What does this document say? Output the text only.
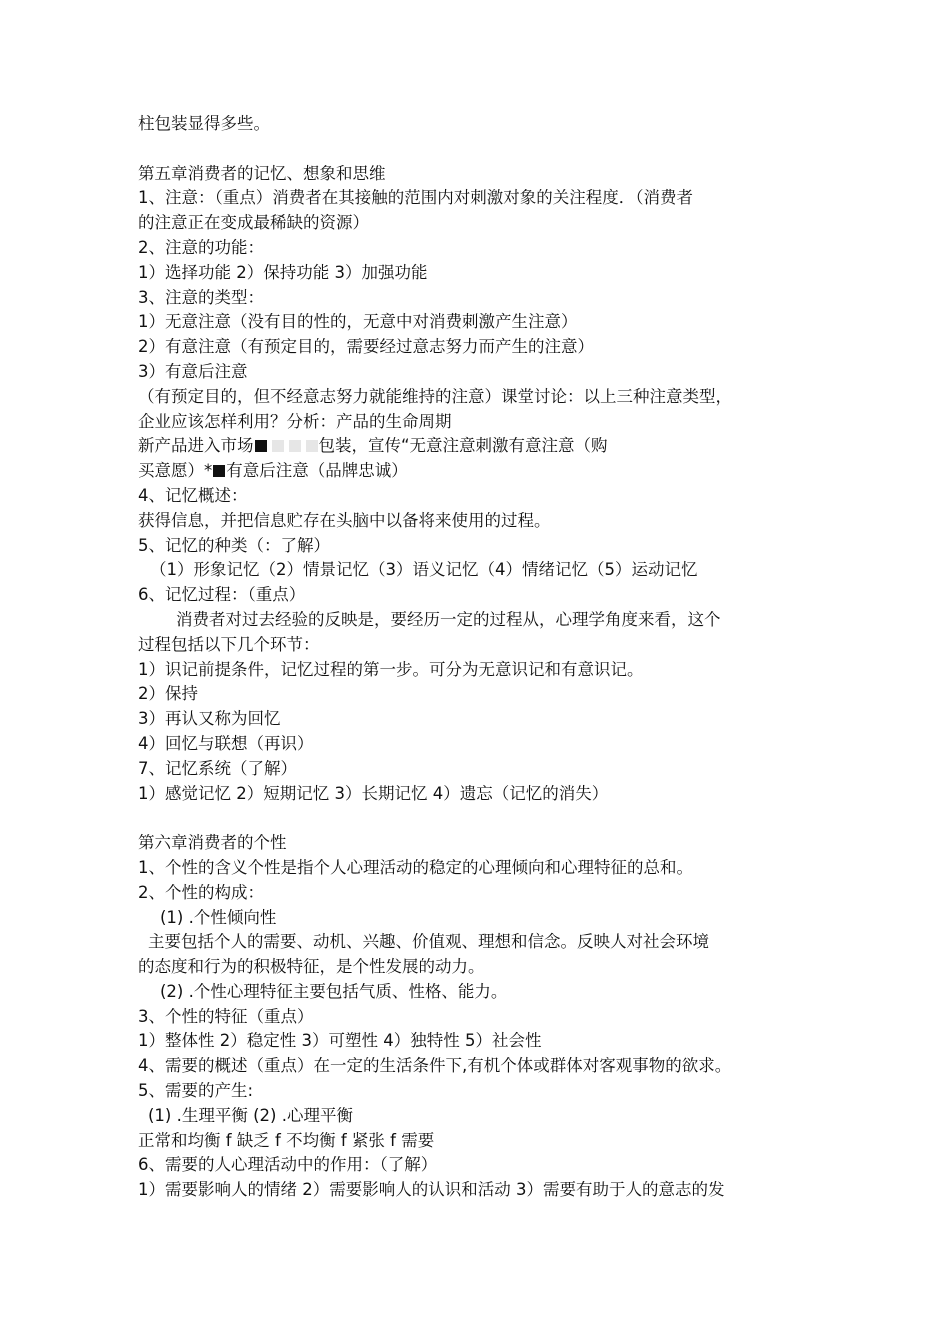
柱包装显得多些。
第五章消费者的记忆、想象和思维
1、注意：（重点）消费者在其接触的范围内对刺激对象的关注程度．（消费者
的注意正在变成最稀缺的资源）
2、注意的功能：
1）选择功能 2）保持功能 3）加强功能
3、注意的类型：
1）无意注意（没有目的性的，无意中对消费刺激产生注意）
2）有意注意（有预定目的，需要经过意志努力而产生的注意）
3）有意后注意
（有预定目的，但不经意志努力就能维持的注意）课堂讨论：以上三种注意类型，
企业应该怎样利用？分析：产品的生命周期
新产品进入市场	包装，宣传“无意注意刺激有意注意（购
买意愿）* 有意后注意（品牌忠诚）
4、记忆概述：
获得信息，并把信息贮存在头脑中以备将来使用的过程。
5、记忆的种类（：了解）
（1）形象记忆（2）情景记忆（3）语义记忆（4）情绪记忆（5）运动记忆
6、记忆过程：（重点）
消费者对过去经验的反映是，要经历一定的过程从，心理学角度来看，这个
过程包括以下几个环节：
1）识记前提条件，记忆过程的第一步。可分为无意识记和有意识记。
2）保持
3）再认又称为回忆
4）回忆与联想（再识）
7、记忆系统（了解）
1）感觉记忆 2）短期记忆 3）长期记忆 4）遗忘（记忆的消失）
第六章消费者的个性
1、个性的含义个性是指个人心理活动的稳定的心理倾向和心理特征的总和。
2、个性的构成：
(1) .个性倾向性
主要包括个人的需要、动机、兴趣、价值观、理想和信念。反映人对社会环境
的态度和行为的积极特征，是个性发展的动力。
(2) .个性心理特征主要包括气质、性格、能力。
3、个性的特征（重点）
1）整体性 2）稳定性 3）可塑性 4）独特性 5）社会性
4、需要的概述（重点）在一定的生活条件下,有机个体或群体对客观事物的欲求。
5、需要的产生:
(1) .生理平衡 (2) .心理平衡
正常和均衡 f 缺乏 f 不均衡 f 紧张 f 需要
6、需要的人心理活动中的作用：（了解）
1）需要影响人的情绪 2）需要影响人的认识和活动 3）需要有助于人的意志的发
